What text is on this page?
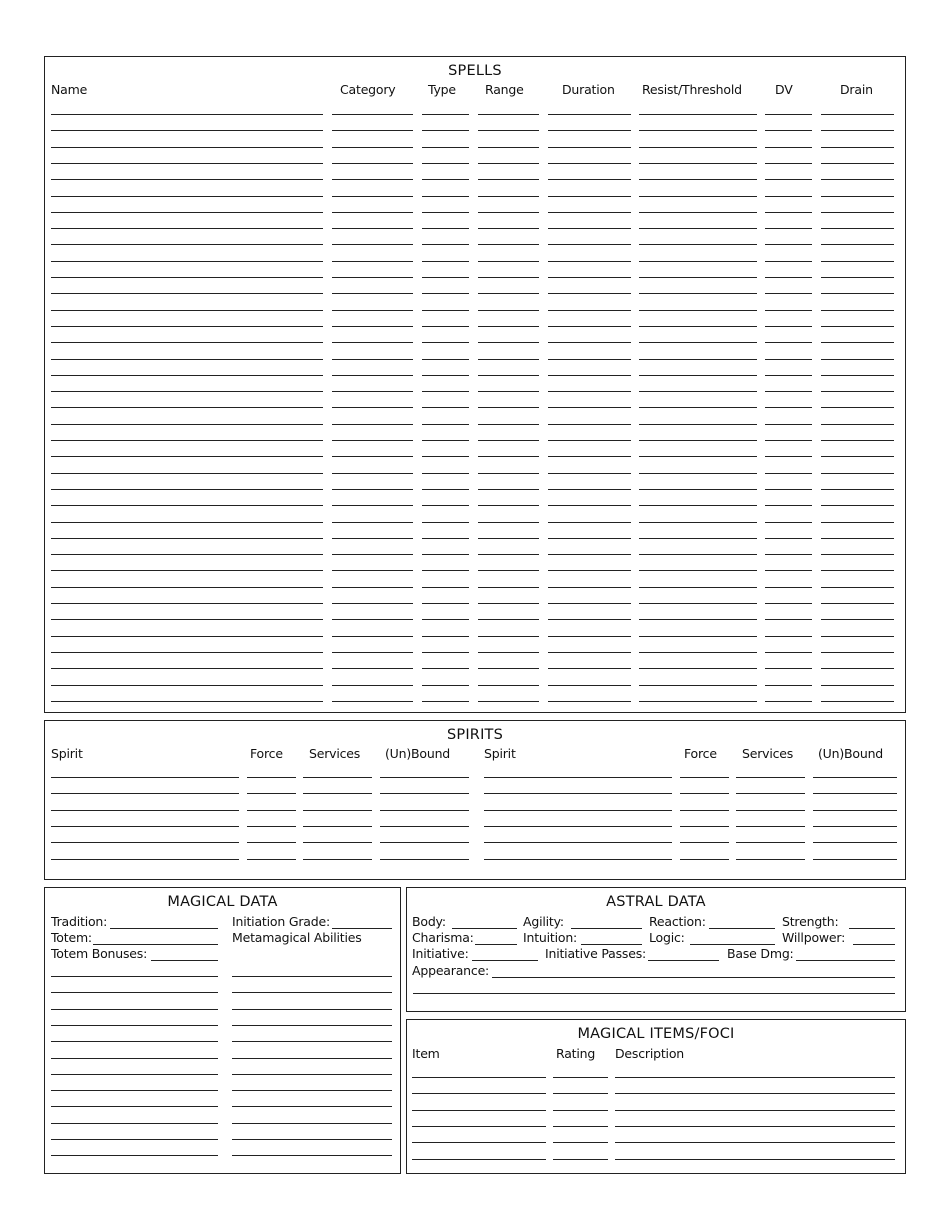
SPELLS
Name	Category	Type Range	Duration Resist/Threshold	DV	Drain
SPIRITS
Spirit	Force Services (Un)Bound	Spirit	Force Services (Un)Bound
MAGICAL DATA
Tradition:	Initiation Grade:
Totem:	Metamagical Abilities
Totem Bonuses:
ASTRAL DATA
Body:	Agility:	Reaction:	Strength:
Charisma:	Intuition:	Logic:	Willpower:
Initiative:	Initiative Passes:	Base Dmg:
Appearance:
MAGICAL ITEMS/FOCI
Item	Rating Description
